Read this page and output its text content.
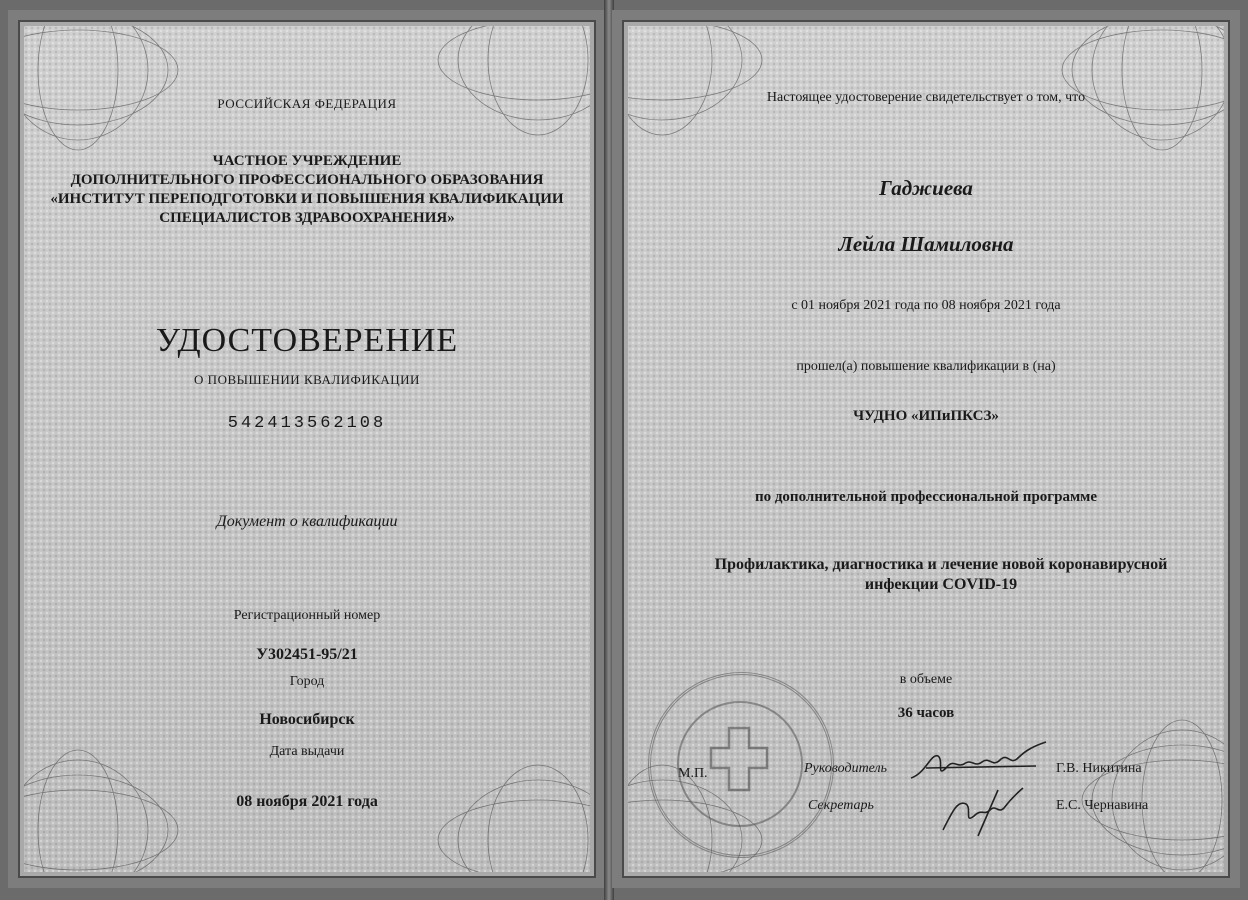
РОССИЙСКАЯ ФЕДЕРАЦИЯ
ЧАСТНОЕ УЧРЕЖДЕНИЕ
ДОПОЛНИТЕЛЬНОГО ПРОФЕССИОНАЛЬНОГО ОБРАЗОВАНИЯ
«ИНСТИТУТ ПЕРЕПОДГОТОВКИ И ПОВЫШЕНИЯ КВАЛИФИКАЦИИ
СПЕЦИАЛИСТОВ ЗДРАВООХРАНЕНИЯ»
УДОСТОВЕРЕНИЕ
О ПОВЫШЕНИИ КВАЛИФИКАЦИИ
542413562108
Документ о квалификации
Регистрационный номер
У302451-95/21
Город
Новосибирск
Дата выдачи
08 ноября 2021 года
Настоящее удостоверение свидетельствует о том, что
Гаджиева
Лейла Шамиловна
с 01 ноября 2021 года по 08 ноября 2021 года
прошел(а) повышение квалификации в (на)
ЧУДНО «ИПиПКСЗ»
по дополнительной профессиональной программе
Профилактика, диагностика и лечение новой коронавирусной
инфекции COVID-19
в объеме
36 часов
М.П.	Руководитель	Г.В. Никитина
Секретарь	Е.С. Чернавина
